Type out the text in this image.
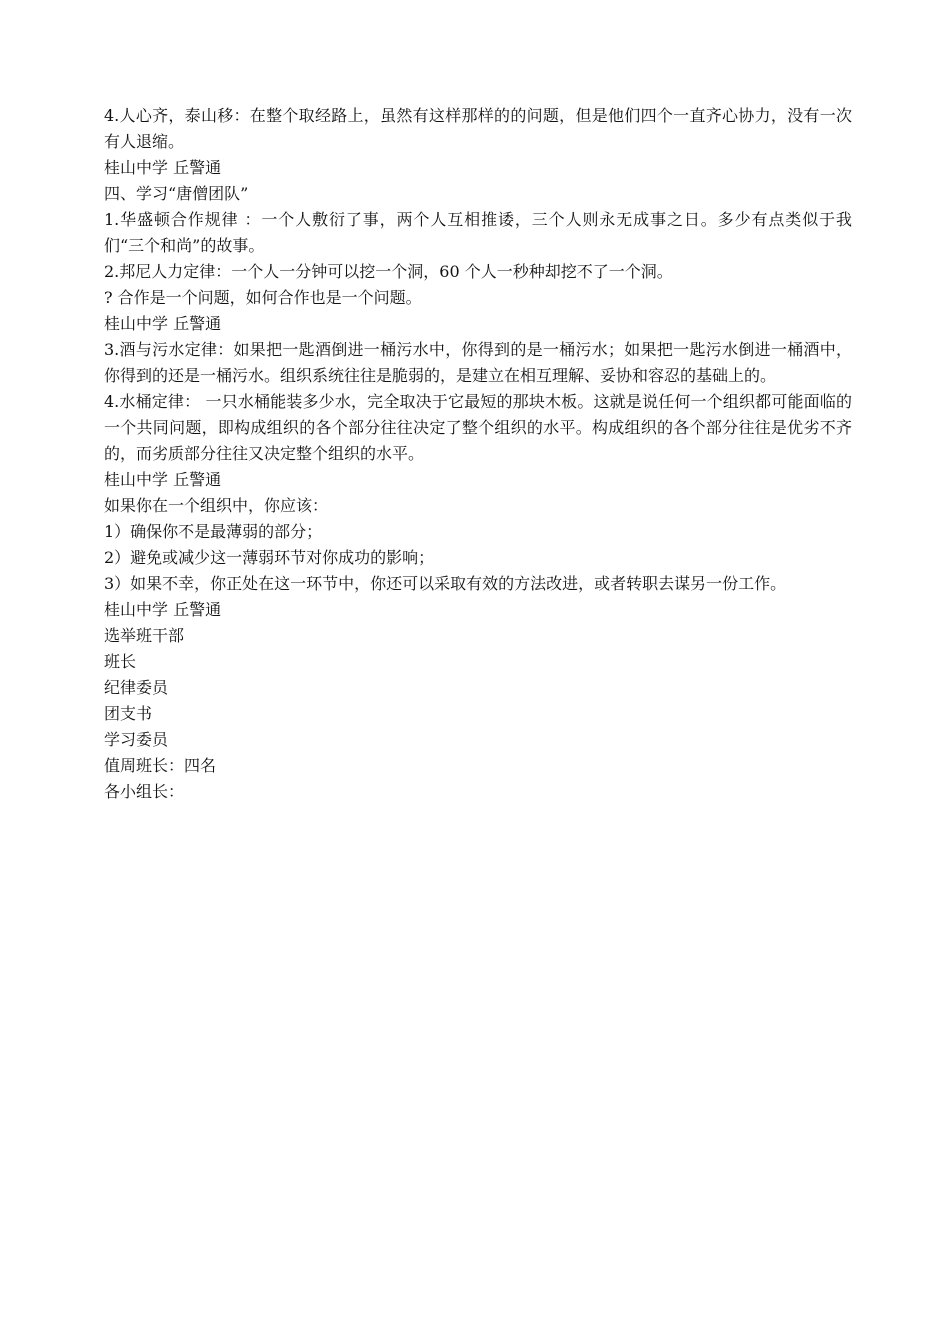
4.人心齐，泰山移：在整个取经路上，虽然有这样那样的的问题，但是他们四个一直齐心协力，没有一次有人退缩。

桂山中学 丘警通

四、学习“唐僧团队”

1.华盛顿合作规律 ：一个人敷衍了事，两个人互相推诿，三个人则永无成事之日。多少有点类似于我们“三个和尚”的故事。

2.邦尼人力定律：一个人一分钟可以挖一个洞，60 个人一秒种却挖不了一个洞。

? 合作是一个问题，如何合作也是一个问题。

桂山中学 丘警通

3.酒与污水定律：如果把一匙酒倒进一桶污水中，你得到的是一桶污水；如果把一匙污水倒进一桶酒中，你得到的还是一桶污水。组织系统往往是脆弱的，是建立在相互理解、妥协和容忍的基础上的。

4.水桶定律： 一只水桶能装多少水，完全取决于它最短的那块木板。这就是说任何一个组织都可能面临的一个共同问题，即构成组织的各个部分往往决定了整个组织的水平。构成组织的各个部分往往是优劣不齐的，而劣质部分往往又决定整个组织的水平。

桂山中学 丘警通

如果你在一个组织中，你应该：

1）确保你不是最薄弱的部分；

2）避免或减少这一薄弱环节对你成功的影响；

3）如果不幸，你正处在这一环节中，你还可以采取有效的方法改进，或者转职去谋另一份工作。

桂山中学 丘警通

选举班干部

班长

纪律委员

团支书

学习委员

值周班长：四名

各小组长：
